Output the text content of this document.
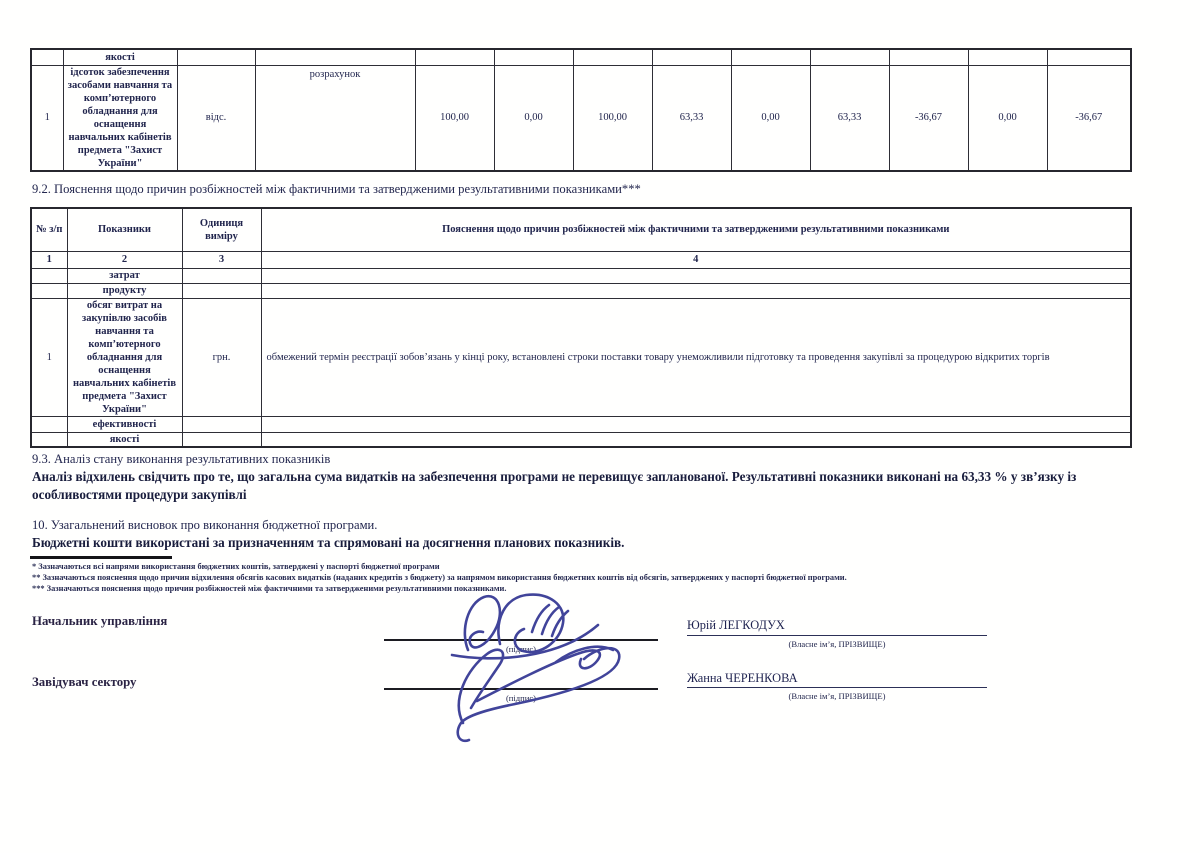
	якості											
1	ідсоток забезпечення засобами навчання та комп’ютерного обладнання для оснащення навчальних кабінетів предмета "Захист України"	відс.	розрахунок	100,00	0,00	100,00	63,33	0,00	63,33	-36,67	0,00	-36,67
9.2. Пояснення щодо причин розбіжностей між фактичними та затвердженими результативними показниками***
№ з/п	Показники	Одиниця виміру	Пояснення щодо причин розбіжностей між фактичними та затвердженими результативними показниками
1	2	3	4
	затрат		
	продукту		
1	обсяг витрат на закупівлю засобів навчання та комп’ютерного обладнання для оснащення навчальних кабінетів предмета "Захист України"	грн.	обмежений термін реєстрації зобов’язань у кінці року, встановлені строки поставки товару унеможливили підготовку та проведення закупівлі за процедурою відкритих торгів
	ефективності		
	якості		
9.3. Аналіз стану виконання результативних показників
Аналіз відхилень свідчить про те, що загальна сума видатків на забезпечення програми не перевищує запланованої. Результативні показники виконані на 63,33 % у зв’язку із
особливостями процедури закупівлі
10. Узагальнений висновок про виконання бюджетної програми.
Бюджетні кошти використані за призначенням та спрямовані на досягнення планових показників.
* Зазначаються всі напрями використання бюджетних коштів, затверджені у паспорті бюджетної програми
** Зазначаються пояснення щодо причин відхилення обсягів касових видатків (наданих кредитів з бюджету) за напрямом використання бюджетних коштів від обсягів, затверджених у паспорті бюджетної програми.
*** Зазначаються пояснення щодо причин розбіжностей між фактичними та затвердженими результативними показниками.
Начальник управління
(підпис)
Юрій ЛЕГКОДУХ
(Власне ім’я, ПРІЗВИЩЕ)
Завідувач сектору
(підпис)
Жанна ЧЕРЕНКОВА
(Власне ім’я, ПРІЗВИЩЕ)
